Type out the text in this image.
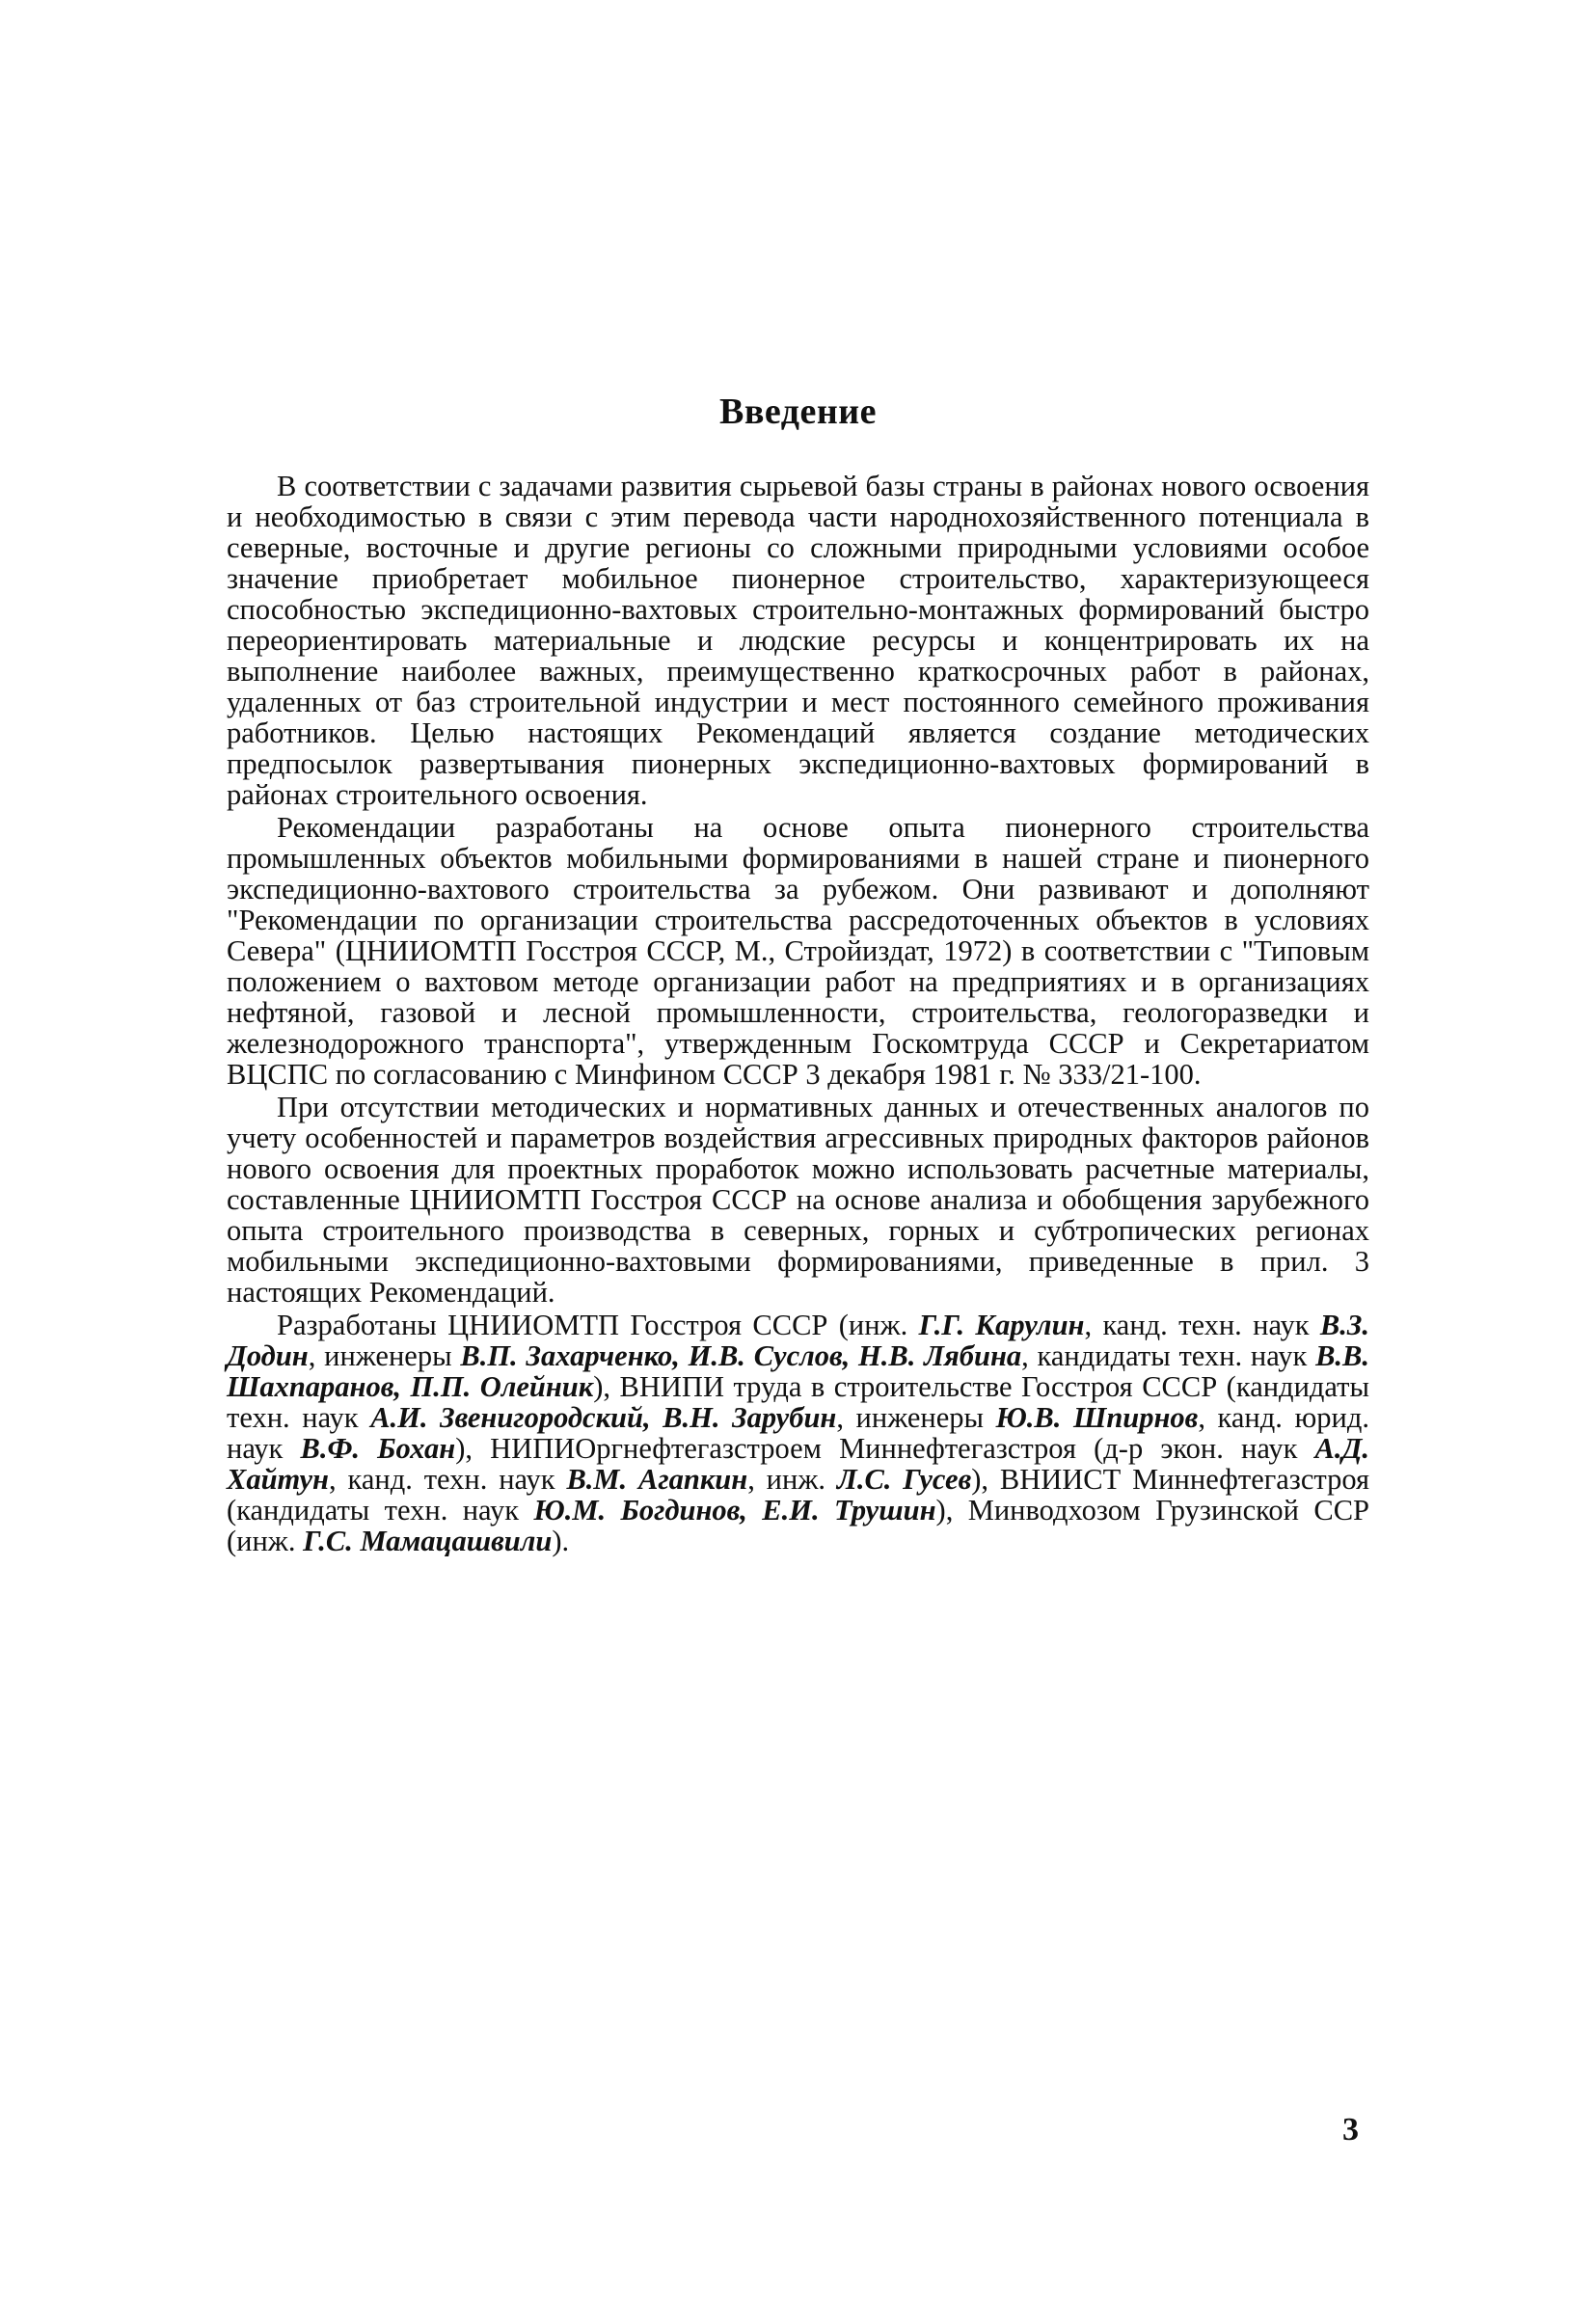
Введение

В соответствии с задачами развития сырьевой базы страны в районах нового освоения и необходимостью в связи с этим перевода части народнохозяйственного потенциала в северные, восточные и другие регионы со сложными природными условиями особое значение приобретает мобильное пионерное строительство, характеризующееся способностью экспедиционно-вахтовых строительно-монтажных формирований быстро переориентировать материальные и людские ресурсы и концентрировать их на выполнение наиболее важных, преимущественно краткосрочных работ в районах, удаленных от баз строительной индустрии и мест постоянного семейного проживания работников. Целью настоящих Рекомендаций является создание методических предпосылок развертывания пионерных экспедиционно-вахтовых формирований в районах строительного освоения.

Рекомендации разработаны на основе опыта пионерного строительства промышленных объектов мобильными формированиями в нашей стране и пионерного экспедиционно-вахтового строительства за рубежом. Они развивают и дополняют "Рекомендации по организации строительства рассредоточенных объектов в условиях Севера" (ЦНИИОМТП Госстроя СССР, М., Стройиздат, 1972) в соответствии с "Типовым положением о вахтовом методе организации работ на предприятиях и в организациях нефтяной, газовой и лесной промышленности, строительства, геологоразведки и железнодорожного транспорта", утвержденным Госкомтруда СССР и Секретариатом ВЦСПС по согласованию с Минфином СССР 3 декабря 1981 г. № 333/21-100.

При отсутствии методических и нормативных данных и отечественных аналогов по учету особенностей и параметров воздействия агрессивных природных факторов районов нового освоения для проектных проработок можно использовать расчетные материалы, составленные ЦНИИОМТП Госстроя СССР на основе анализа и обобщения зарубежного опыта строительного производства в северных, горных и субтропических регионах мобильными экспедиционно-вахтовыми формированиями, приведенные в прил. 3 настоящих Рекомендаций.

Разработаны ЦНИИОМТП Госстроя СССР (инж. Г.Г. Карулин, канд. техн. наук В.З. Додин, инженеры В.П. Захарченко, И.В. Суслов, Н.В. Лябина, кандидаты техн. наук В.В. Шахпаранов, П.П. Олейник), ВНИПИ труда в строительстве Госстроя СССР (кандидаты техн. наук А.И. Звенигородский, В.Н. Зарубин, инженеры Ю.В. Шпирнов, канд. юрид. наук В.Ф. Бохан), НИПИОргнефтегазстроем Миннефтегазстроя (д-р экон. наук А.Д. Хайтун, канд. техн. наук В.М. Агапкин, инж. Л.С. Гусев), ВНИИСТ Миннефтегазстроя (кандидаты техн. наук Ю.М. Богдинов, Е.И. Трушин), Минводхозом Грузинской ССР (инж. Г.С. Мамацашвили).

3
